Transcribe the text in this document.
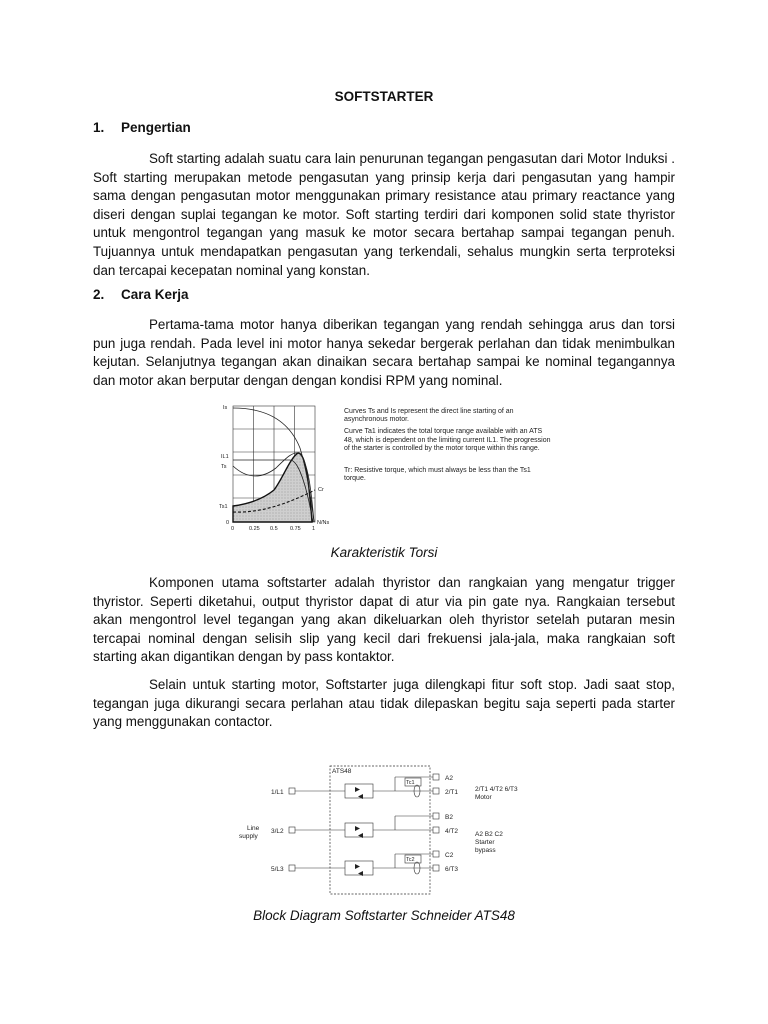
SOFTSTARTER
1. Pengertian
Soft starting adalah suatu cara lain penurunan tegangan pengasutan dari Motor Induksi . Soft starting merupakan metode pengasutan yang prinsip kerja dari pengasutan yang hampir sama dengan pengasutan motor menggunakan primary resistance atau primary reactance yang diseri dengan suplai tegangan ke motor. Soft starting terdiri dari komponen solid state thyristor untuk mengontrol tegangan yang masuk ke motor secara bertahap sampai tegangan penuh. Tujuannya untuk mendapatkan pengasutan yang terkendali, sehalus mungkin serta terproteksi dan tercapai kecepatan nominal yang konstan.
2. Cara Kerja
Pertama-tama motor hanya diberikan tegangan yang rendah sehingga arus dan torsi pun juga rendah. Pada level ini motor hanya sekedar bergerak perlahan dan tidak menimbulkan kejutan. Selanjutnya tegangan akan dinaikan secara bertahap sampai ke nominal tegangannya dan motor akan berputar dengan dengan kondisi RPM yang nominal.
Is
IL1
Ts
Ts1
0
0	0.25 0.5 0.75 1
N/Ns
Cr
Curves Ts and Is represent the direct line starting of an asynchronous motor.
Curve Ta1 indicates the total torque range available with an ATS 48, which is dependent on the limiting current IL1. The progression of the starter is controlled by the motor torque within this range.
Tr: Resistive torque, which must always be less than the Ts1 torque.
Karakteristik Torsi
Komponen utama softstarter adalah thyristor dan rangkaian yang mengatur trigger thyristor. Seperti diketahui, output thyristor dapat di atur via pin gate nya. Rangkaian tersebut akan mengontrol level tegangan yang akan dikeluarkan oleh thyristor setelah putaran mesin tercapai nominal dengan selisih slip yang kecil dari frekuensi jala-jala, maka rangkaian soft starting akan digantikan dengan by pass kontaktor.
Selain untuk starting motor, Softstarter juga dilengkapi fitur soft stop. Jadi saat stop, tegangan juga dikurangi secara perlahan atau tidak dilepaskan begitu saja seperti pada starter yang menggunakan contactor.
ATS48
1/L1
3/L2
5/L3
Line
supply
Tc1
Tc2
A2
2/T1
B2
4/T2
C2
6/T3
2/T1 4/T2 6/T3
Motor
A2 B2 C2
Starter
bypass
Block Diagram Softstarter Schneider ATS48
